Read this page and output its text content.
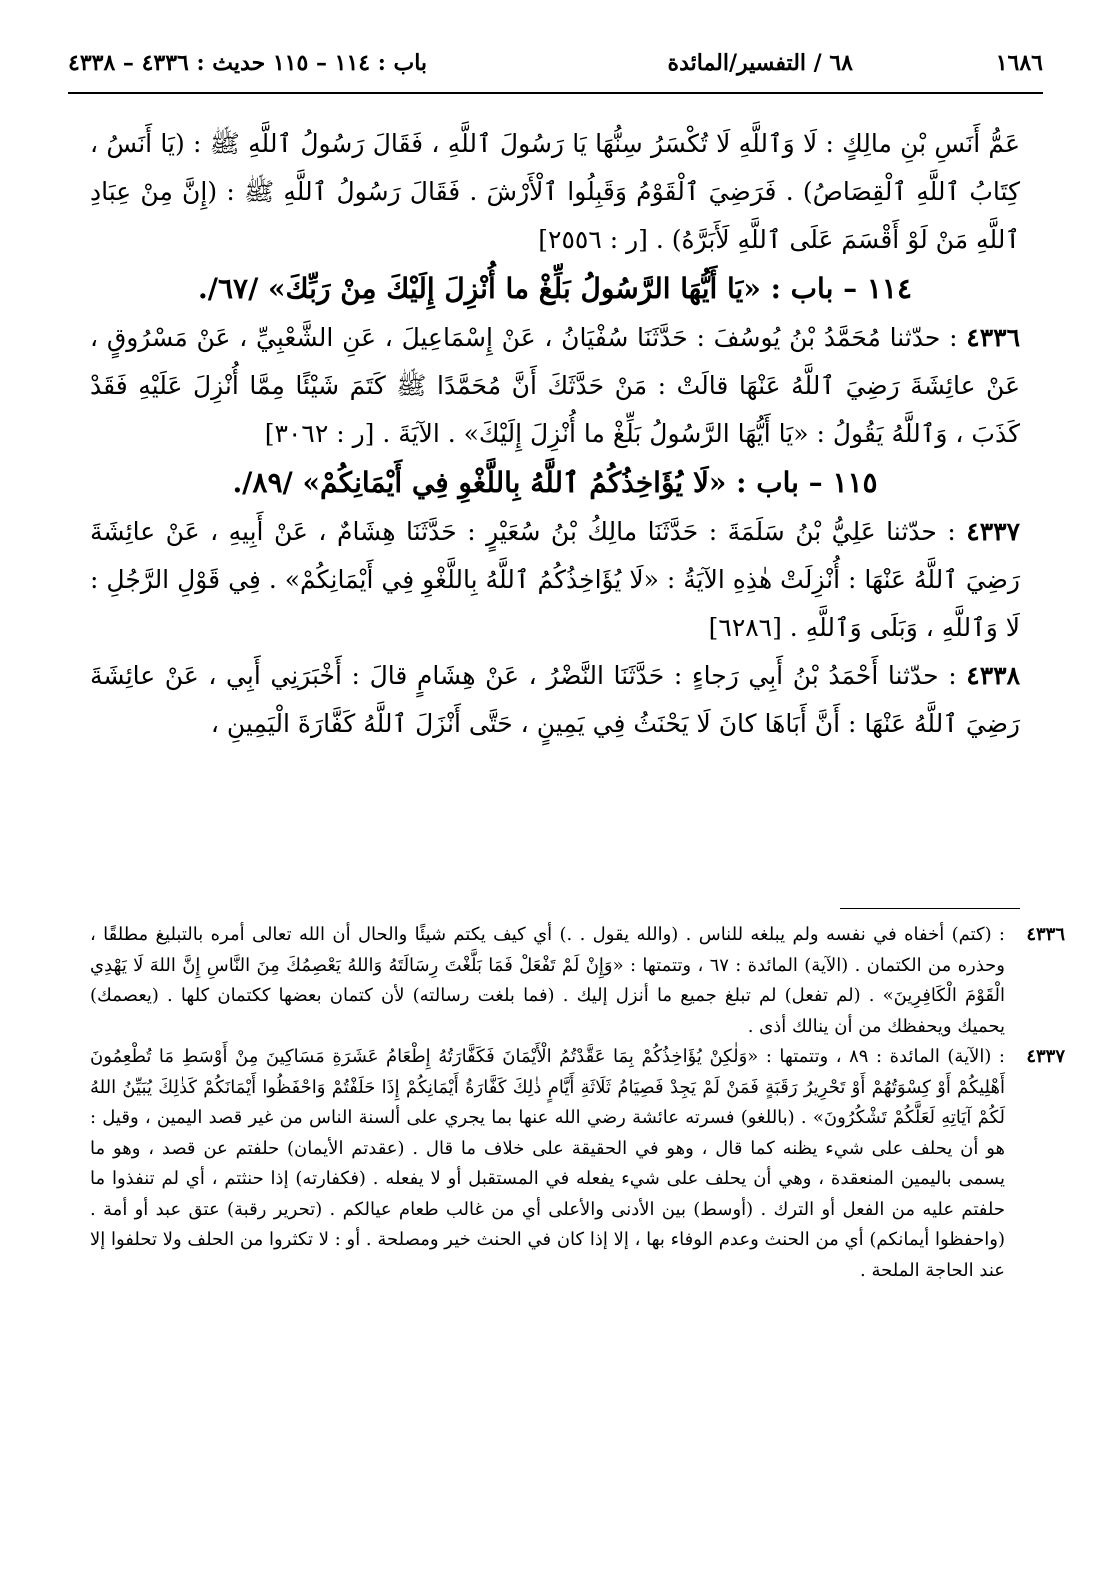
١٦٨٦
٦٨ / التفسير/المائدة
باب : ١١٤ – ١١٥ حديث : ٤٣٣٦ – ٤٣٣٨

عَمُّ أَنَسِ بْنِ مالِكٍ : لَا وَٱللَّهِ لَا تُكْسَرُ سِنُّهَا يَا رَسُولَ ٱللَّهِ ، فَقَالَ رَسُولُ ٱللَّهِ ﷺ : (يَا أَنَسُ ، كِتَابُ ٱللَّهِ ٱلْقِصَاصُ) . فَرَضِيَ ٱلْقَوْمُ وَقَبِلُوا ٱلْأَرْشَ . فَقَالَ رَسُولُ ٱللَّهِ ﷺ : (إِنَّ مِنْ عِبَادِ ٱللَّهِ مَنْ لَوْ أَقْسَمَ عَلَى ٱللَّهِ لَأَبَرَّهُ) . [ر : ٢٥٥٦]

١١٤ – باب : «يَا أَيُّهَا الرَّسُولُ بَلِّغْ ما أُنْزِلَ إِلَيْكَ مِنْ رَبِّكَ» /٦٧/.

٤٣٣٦ : حدّثنا مُحَمَّدُ بْنُ يُوسُفَ : حَدَّثَنَا سُفْيَانُ ، عَنْ إِسْمَاعِيلَ ، عَنِ الشَّعْبِيِّ ، عَنْ مَسْرُوقٍ ، عَنْ عائِشَةَ رَضِيَ ٱللَّهُ عَنْهَا قالَتْ : مَنْ حَدَّثَكَ أَنَّ مُحَمَّدًا ﷺ كَتَمَ شَيْئًا مِمَّا أُنْزِلَ عَلَيْهِ فَقَدْ كَذَبَ ، وَٱللَّهُ يَقُولُ : «يَا أَيُّهَا الرَّسُولُ بَلِّغْ ما أُنْزِلَ إِلَيْكَ» . الآيَةَ . [ر : ٣٠٦٢]

١١٥ – باب : «لَا يُؤَاخِذُكُمُ ٱللَّهُ بِاللَّغْوِ فِي أَيْمَانِكُمْ» /٨٩/.

٤٣٣٧ : حدّثنا عَلِيُّ بْنُ سَلَمَةَ : حَدَّثَنَا مالِكُ بْنُ سُعَيْرٍ : حَدَّثَنَا هِشَامٌ ، عَنْ أَبِيهِ ، عَنْ عائِشَةَ رَضِيَ ٱللَّهُ عَنْهَا : أُنْزِلَتْ هٰذِهِ الآيَةُ : «لَا يُؤَاخِذُكُمُ ٱللَّهُ بِاللَّغْوِ فِي أَيْمَانِكُمْ» . فِي قَوْلِ الرَّجُلِ : لَا وَٱللَّهِ ، وَبَلَى وَٱللَّهِ . [٦٢٨٦]

٤٣٣٨ : حدّثنا أَحْمَدُ بْنُ أَبِي رَجاءٍ : حَدَّثَنَا النَّضْرُ ، عَنْ هِشَامٍ قالَ : أَخْبَرَنِي أَبِي ، عَنْ عائِشَةَ رَضِيَ ٱللَّهُ عَنْهَا : أَنَّ أَبَاهَا كانَ لَا يَحْنَثُ فِي يَمِينٍ ، حَتَّى أَنْزَلَ ٱللَّهُ كَفَّارَةَ الْيَمِينِ ،

٤٣٣٦
: (كتم) أخفاه في نفسه ولم يبلغه للناس . (والله يقول . .) أي كيف يكتم شيئًا والحال أن الله تعالى أمره بالتبليغ مطلقًا ، وحذره من الكتمان . (الآية) المائدة : ٦٧ ، وتتمتها : «وَإِنْ لَمْ تَفْعَلْ فَمَا بَلَّغْتَ رِسَالَتَهُ وَاللهُ يَعْصِمُكَ مِنَ النَّاسِ إِنَّ اللهَ لَا يَهْدِي الْقَوْمَ الْكَافِرِينَ» . (لم تفعل) لم تبلغ جميع ما أنزل إليك . (فما بلغت رسالته) لأن كتمان بعضها ككتمان كلها . (يعصمك) يحميك ويحفظك من أن ينالك أذى .
٤٣٣٧
: (الآية) المائدة : ٨٩ ، وتتمتها : «وَلٰكِنْ يُؤَاخِذُكُمْ بِمَا عَقَّدْتُمُ الْأَيْمَانَ فَكَفَّارَتُهُ إِطْعَامُ عَشَرَةِ مَسَاكِينَ مِنْ أَوْسَطِ مَا تُطْعِمُونَ أَهْلِيكُمْ أَوْ كِسْوَتُهُمْ أَوْ تَحْرِيرُ رَقَبَةٍ فَمَنْ لَمْ يَجِدْ فَصِيَامُ ثَلَاثَةِ أَيَّامٍ ذٰلِكَ كَفَّارَةُ أَيْمَانِكُمْ إِذَا حَلَفْتُمْ وَاحْفَظُوا أَيْمَانَكُمْ كَذٰلِكَ يُبَيِّنُ اللهُ لَكُمْ آيَاتِهِ لَعَلَّكُمْ تَشْكُرُونَ» . (باللغو) فسرته عائشة رضي الله عنها بما يجري على ألسنة الناس من غير قصد اليمين ، وقيل : هو أن يحلف على شيء يظنه كما قال ، وهو في الحقيقة على خلاف ما قال . (عقدتم الأيمان) حلفتم عن قصد ، وهو ما يسمى باليمين المنعقدة ، وهي أن يحلف على شيء يفعله في المستقبل أو لا يفعله . (فكفارته) إذا حنثتم ، أي لم تنفذوا ما حلفتم عليه من الفعل أو الترك . (أوسط) بين الأدنى والأعلى أي من غالب طعام عيالكم . (تحرير رقبة) عتق عبد أو أمة . (واحفظوا أيمانكم) أي من الحنث وعدم الوفاء بها ، إلا إذا كان في الحنث خير ومصلحة . أو : لا تكثروا من الحلف ولا تحلفوا إلا عند الحاجة الملحة .
